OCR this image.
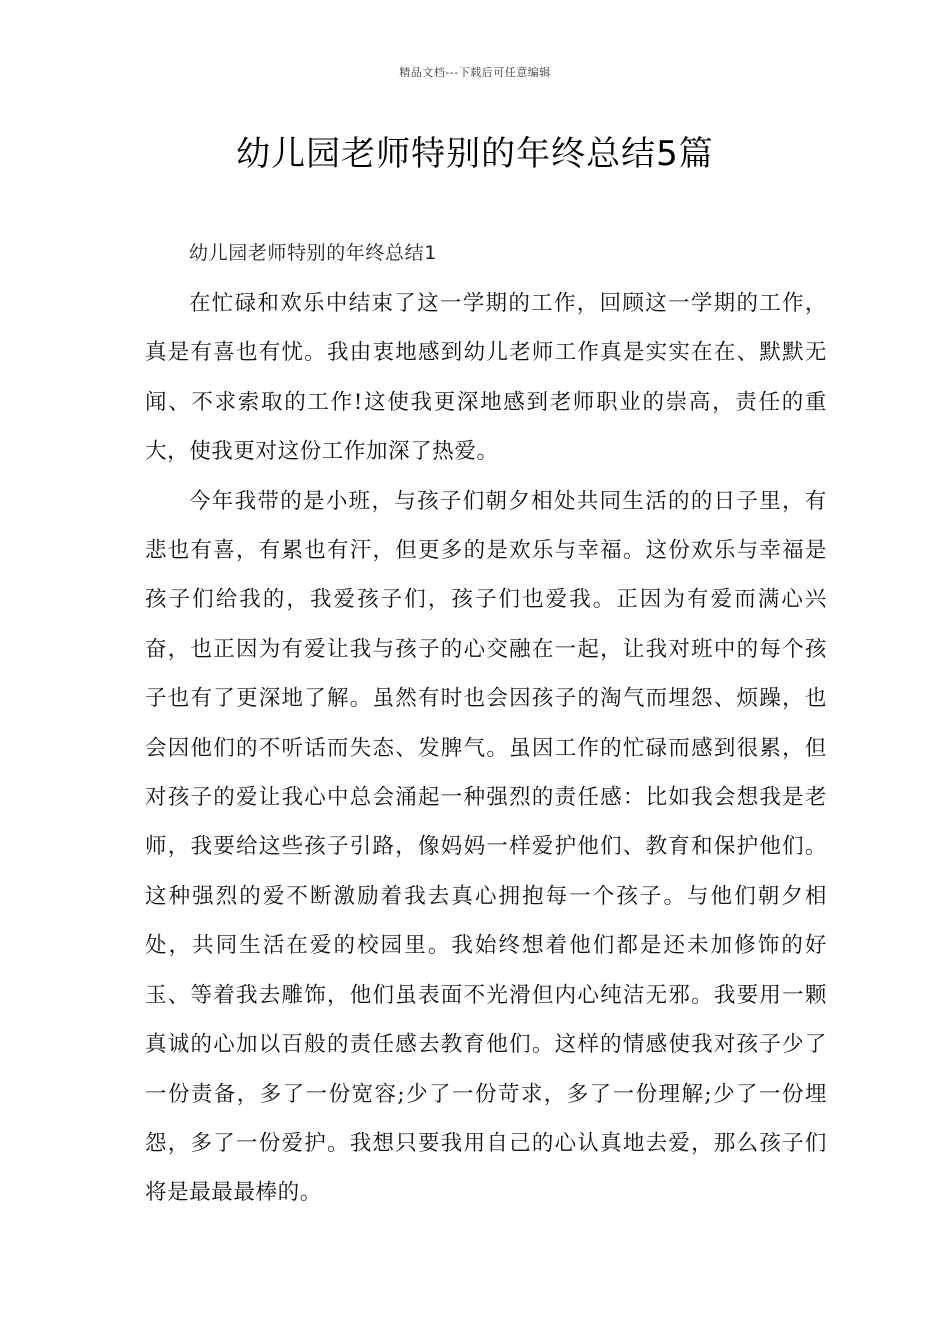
精品文档---下载后可任意编辑
幼儿园老师特别的年终总结5篇
幼儿园老师特别的年终总结1

在忙碌和欢乐中结束了这一学期的工作，回顾这一学期的工作，真是有喜也有忧。我由衷地感到幼儿老师工作真是实实在在、默默无闻、不求索取的工作!这使我更深地感到老师职业的崇高，责任的重大，使我更对这份工作加深了热爱。

今年我带的是小班，与孩子们朝夕相处共同生活的的日子里，有悲也有喜，有累也有汗，但更多的是欢乐与幸福。这份欢乐与幸福是孩子们给我的，我爱孩子们，孩子们也爱我。正因为有爱而满心兴奋，也正因为有爱让我与孩子的心交融在一起，让我对班中的每个孩子也有了更深地了解。虽然有时也会因孩子的淘气而埋怨、烦躁，也会因他们的不听话而失态、发脾气。虽因工作的忙碌而感到很累，但对孩子的爱让我心中总会涌起一种强烈的责任感：比如我会想我是老师，我要给这些孩子引路，像妈妈一样爱护他们、教育和保护他们。这种强烈的爱不断激励着我去真心拥抱每一个孩子。与他们朝夕相处，共同生活在爱的校园里。我始终想着他们都是还未加修饰的好玉、等着我去雕饰，他们虽表面不光滑但内心纯洁无邪。我要用一颗真诚的心加以百般的责任感去教育他们。这样的情感使我对孩子少了一份责备，多了一份宽容;少了一份苛求，多了一份理解;少了一份埋怨，多了一份爱护。我想只要我用自己的心认真地去爱，那么孩子们将是最最最棒的。
